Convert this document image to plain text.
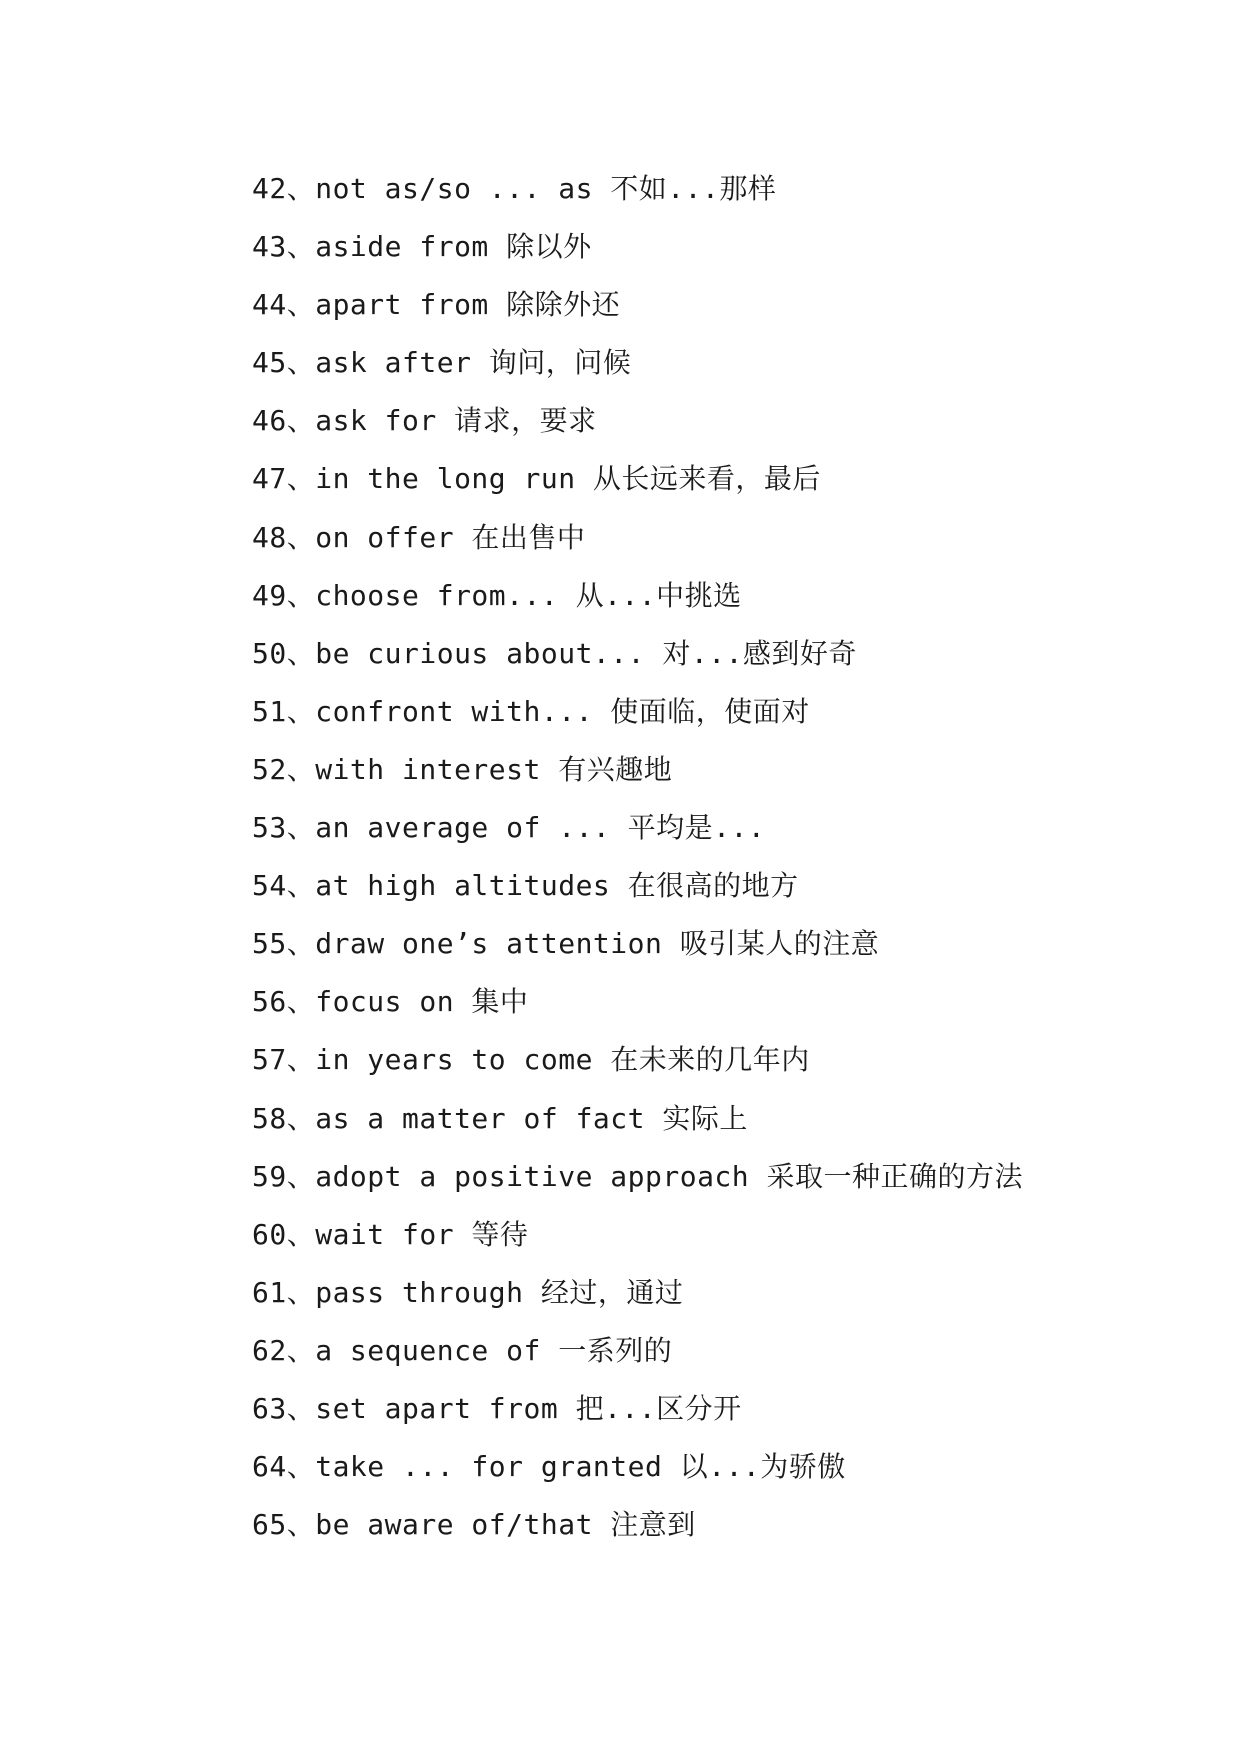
42、not as/so ... as 不如...那样
43、aside from 除以外
44、apart from 除除外还
45、ask after 询问，问候
46、ask for 请求，要求
47、in the long run 从长远来看，最后
48、on offer 在出售中
49、choose from... 从...中挑选
50、be curious about... 对...感到好奇
51、confront with... 使面临，使面对
52、with interest 有兴趣地
53、an average of ... 平均是...
54、at high altitudes 在很高的地方
55、draw one’s attention 吸引某人的注意
56、focus on 集中
57、in years to come 在未来的几年内
58、as a matter of fact 实际上
59、adopt a positive approach 采取一种正确的方法
60、wait for 等待
61、pass through 经过，通过
62、a sequence of 一系列的
63、set apart from 把...区分开
64、take ... for granted 以...为骄傲
65、be aware of/that 注意到
